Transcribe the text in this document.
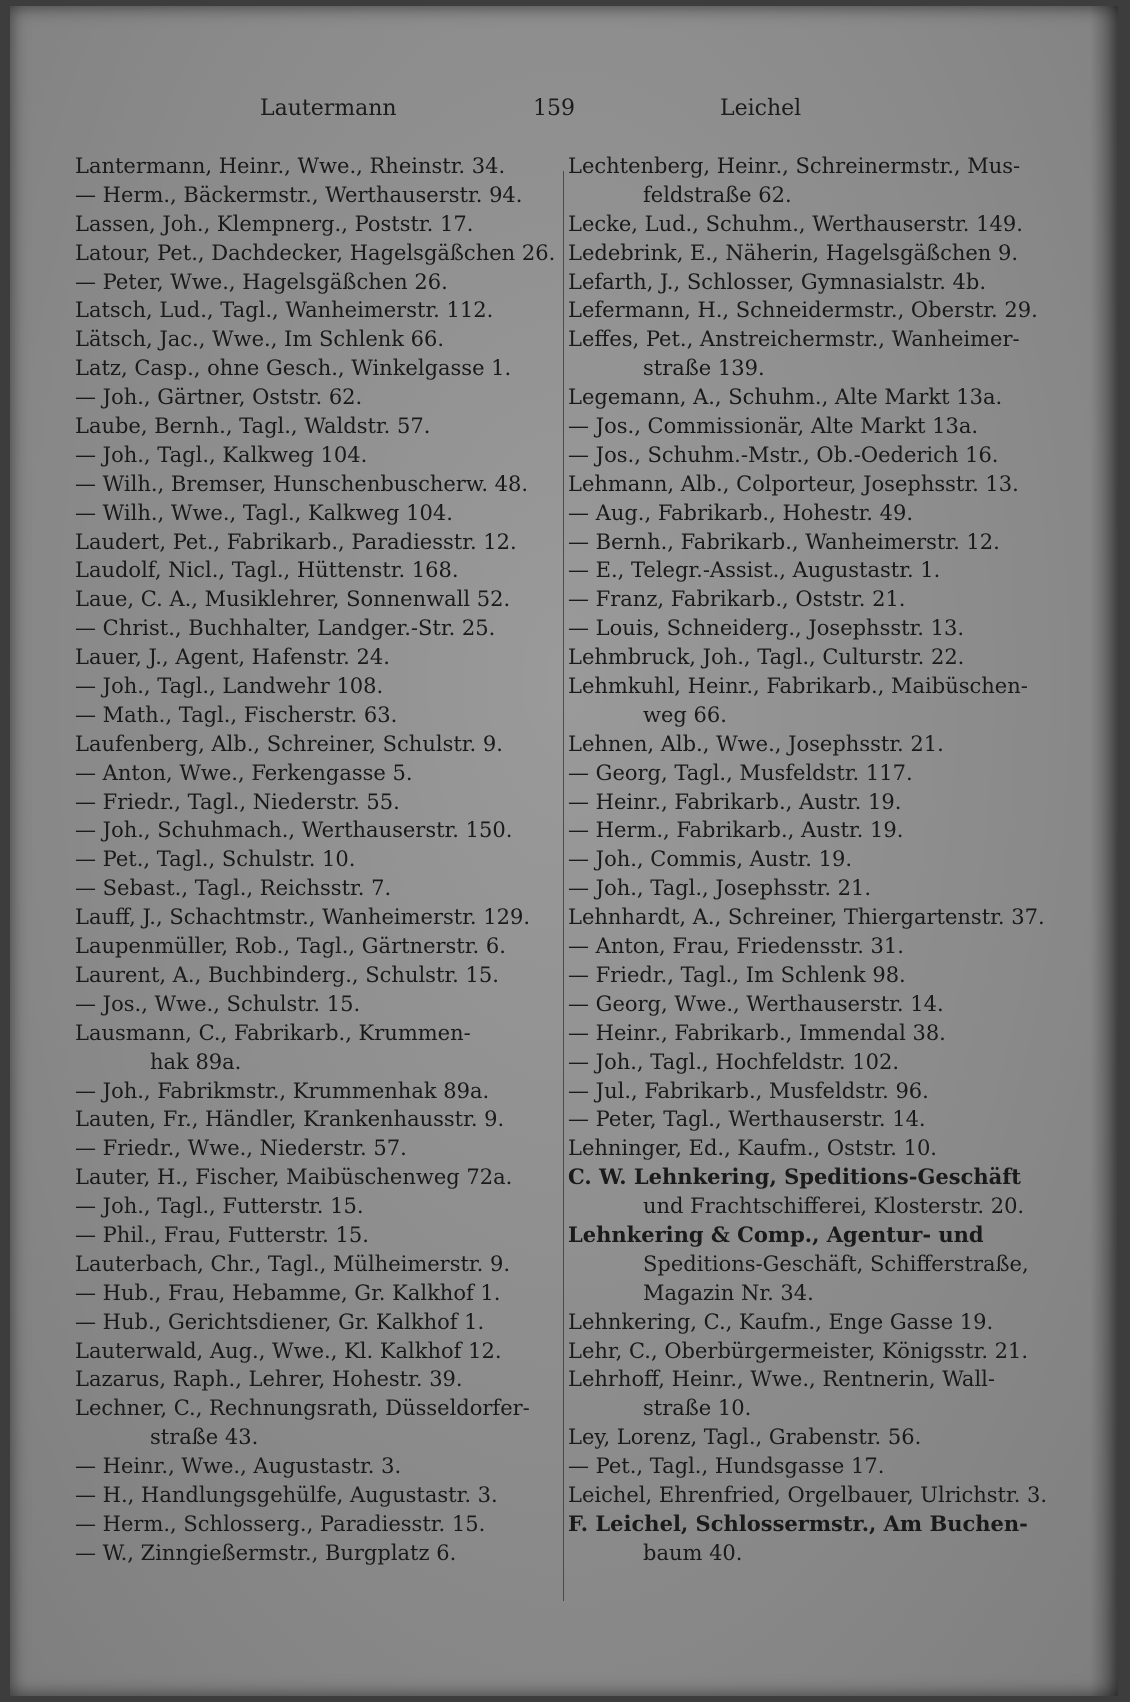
Lautermann	159	Leichel
Lantermann, Heinr., Wwe., Rheinstr. 34.
— Herm., Bäckermstr., Werthauserstr. 94.
Lassen, Joh., Klempnerg., Poststr. 17.
Latour, Pet., Dachdecker, Hagelsgäßchen 26.
— Peter, Wwe., Hagelsgäßchen 26.
Latsch, Lud., Tagl., Wanheimerstr. 112.
Lätsch, Jac., Wwe., Im Schlenk 66.
Latz, Casp., ohne Gesch., Winkelgasse 1.
— Joh., Gärtner, Oststr. 62.
Laube, Bernh., Tagl., Waldstr. 57.
— Joh., Tagl., Kalkweg 104.
— Wilh., Bremser, Hunschenbuscherw. 48.
— Wilh., Wwe., Tagl., Kalkweg 104.
Laudert, Pet., Fabrikarb., Paradiesstr. 12.
Laudolf, Nicl., Tagl., Hüttenstr. 168.
Laue, C. A., Musiklehrer, Sonnenwall 52.
— Christ., Buchhalter, Landger.-Str. 25.
Lauer, J., Agent, Hafenstr. 24.
— Joh., Tagl., Landwehr 108.
— Math., Tagl., Fischerstr. 63.
Laufenberg, Alb., Schreiner, Schulstr. 9.
— Anton, Wwe., Ferkengasse 5.
— Friedr., Tagl., Niederstr. 55.
— Joh., Schuhmach., Werthauserstr. 150.
— Pet., Tagl., Schulstr. 10.
— Sebast., Tagl., Reichsstr. 7.
Lauff, J., Schachtmstr., Wanheimerstr. 129.
Laupenmüller, Rob., Tagl., Gärtnerstr. 6.
Laurent, A., Buchbinderg., Schulstr. 15.
— Jos., Wwe., Schulstr. 15.
Lausmann, C., Fabrikarb., Krummen-
hak 89a.
— Joh., Fabrikmstr., Krummenhak 89a.
Lauten, Fr., Händler, Krankenhausstr. 9.
— Friedr., Wwe., Niederstr. 57.
Lauter, H., Fischer, Maibüschenweg 72a.
— Joh., Tagl., Futterstr. 15.
— Phil., Frau, Futterstr. 15.
Lauterbach, Chr., Tagl., Mülheimerstr. 9.
— Hub., Frau, Hebamme, Gr. Kalkhof 1.
— Hub., Gerichtsdiener, Gr. Kalkhof 1.
Lauterwald, Aug., Wwe., Kl. Kalkhof 12.
Lazarus, Raph., Lehrer, Hohestr. 39.
Lechner, C., Rechnungsrath, Düsseldorfer-
straße 43.
— Heinr., Wwe., Augustastr. 3.
— H., Handlungsgehülfe, Augustastr. 3.
— Herm., Schlosserg., Paradiesstr. 15.
— W., Zinngießermstr., Burgplatz 6.
Lechtenberg, Heinr., Schreinermstr., Mus-
feldstraße 62.
Lecke, Lud., Schuhm., Werthauserstr. 149.
Ledebrink, E., Näherin, Hagelsgäßchen 9.
Lefarth, J., Schlosser, Gymnasialstr. 4b.
Lefermann, H., Schneidermstr., Oberstr. 29.
Leffes, Pet., Anstreichermstr., Wanheimer-
straße 139.
Legemann, A., Schuhm., Alte Markt 13a.
— Jos., Commissionär, Alte Markt 13a.
— Jos., Schuhm.-Mstr., Ob.-Oederich 16.
Lehmann, Alb., Colporteur, Josephsstr. 13.
— Aug., Fabrikarb., Hohestr. 49.
— Bernh., Fabrikarb., Wanheimerstr. 12.
— E., Telegr.-Assist., Augustastr. 1.
— Franz, Fabrikarb., Oststr. 21.
— Louis, Schneiderg., Josephsstr. 13.
Lehmbruck, Joh., Tagl., Culturstr. 22.
Lehmkuhl, Heinr., Fabrikarb., Maibüschen-
weg 66.
Lehnen, Alb., Wwe., Josephsstr. 21.
— Georg, Tagl., Musfeldstr. 117.
— Heinr., Fabrikarb., Austr. 19.
— Herm., Fabrikarb., Austr. 19.
— Joh., Commis, Austr. 19.
— Joh., Tagl., Josephsstr. 21.
Lehnhardt, A., Schreiner, Thiergartenstr. 37.
— Anton, Frau, Friedensstr. 31.
— Friedr., Tagl., Im Schlenk 98.
— Georg, Wwe., Werthauserstr. 14.
— Heinr., Fabrikarb., Immendal 38.
— Joh., Tagl., Hochfeldstr. 102.
— Jul., Fabrikarb., Musfeldstr. 96.
— Peter, Tagl., Werthauserstr. 14.
Lehninger, Ed., Kaufm., Oststr. 10.
C. W. Lehnkering, Speditions-Geschäft
und Frachtschifferei, Klosterstr. 20.
Lehnkering & Comp., Agentur- und
Speditions-Geschäft, Schifferstraße,
Magazin Nr. 34.
Lehnkering, C., Kaufm., Enge Gasse 19.
Lehr, C., Oberbürgermeister, Königsstr. 21.
Lehrhoff, Heinr., Wwe., Rentnerin, Wall-
straße 10.
Ley, Lorenz, Tagl., Grabenstr. 56.
— Pet., Tagl., Hundsgasse 17.
Leichel, Ehrenfried, Orgelbauer, Ulrichstr. 3.
F. Leichel, Schlossermstr., Am Buchen-
baum 40.
